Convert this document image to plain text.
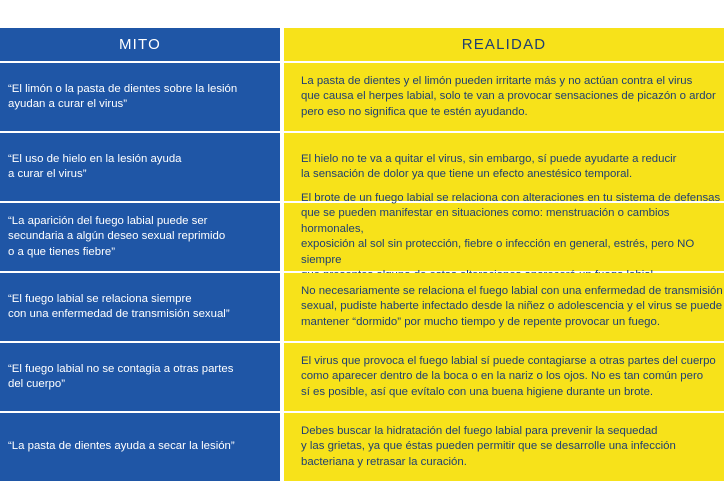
MITO	REALIDAD
“El limón o la pasta de dientes sobre la lesión
ayudan a curar el virus”
La pasta de dientes y el limón pueden irritarte más y no actúan contra el virus
que causa el herpes labial, solo te van a provocar sensaciones de picazón o ardor
pero eso no significa que te estén ayudando.
“El uso de hielo en la lesión ayuda
a curar el virus”
El hielo no te va a quitar el virus, sin embargo, sí puede ayudarte a reducir
la sensación de dolor ya que tiene un efecto anestésico temporal.
“La aparición del fuego labial puede ser
secundaria a algún deseo sexual reprimido
o a que tienes fiebre”
El brote de un fuego labial se relaciona con alteraciones en tu sistema de defensas
que se pueden manifestar en situaciones como: menstruación o cambios hormonales,
exposición al sol sin protección, fiebre o infección en general, estrés, pero NO siempre

“El fuego labial se relaciona siempre
con una enfermedad de transmisión sexual”
No necesariamente se relaciona el fuego labial con una enfermedad de transmisión
sexual, pudiste haberte infectado desde la niñez o adolescencia y el virus se puede
mantener “dormido” por mucho tiempo y de repente provocar un fuego.
“El fuego labial no se contagia a otras partes
del cuerpo”
El virus que provoca el fuego labial sí puede contagiarse a otras partes del cuerpo
como aparecer dentro de la boca o en la nariz o los ojos. No es tan común pero
sí es posible, así que evítalo con una buena higiene durante un brote.
“La pasta de dientes ayuda a secar la lesión”
Debes buscar la hidratación del fuego labial para prevenir la sequedad
y las grietas, ya que éstas pueden permitir que se desarrolle una infección
bacteriana y retrasar la curación.
